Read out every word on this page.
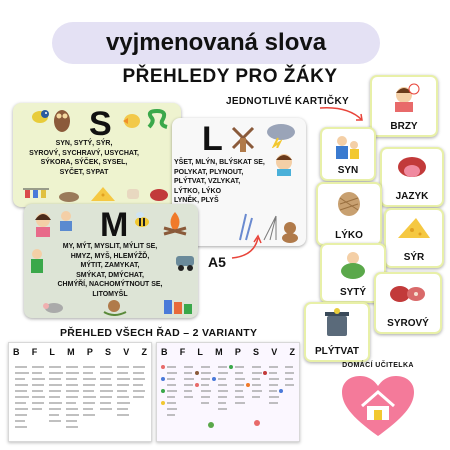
vyjmenovaná slova
PŘEHLEDY PRO ŽÁKY
S
SYN, SYTÝ, SÝR,
SYROVÝ, SYCHRAVÝ, USYCHAT,
SÝKORA, SÝČEK, SYSEL,
SYČET, SYPAT
L
YŠET, MLÝN, BLÝSKAT SE,
POLYKAT, PLYNOUT,
PLÝTVAT, VZLYKAT,
LÝTKO, LÝKO
LYNĚK, PLYŠ
M
MY, MÝT, MYSLIT, MÝLIT SE,
HMYZ, MYŠ, HLEMÝŽĎ,
MÝTIT, ZAMYKAT,
SMÝKAT, DMÝCHAT,
CHMÝŘÍ, NACHOMÝTNOUT SE,
LITOMYŠL
A5
JEDNOTLIVÉ KARTIČKY
BRZY
SYN
JAZYK
LÝKO
SÝR
SYTÝ
SYROVÝ
PLÝTVAT
PŘEHLED VŠECH ŘAD – 2 VARIANTY
B F L M P S V Z B F L M P S V Z
DOMÁCÍ UČITELKA
